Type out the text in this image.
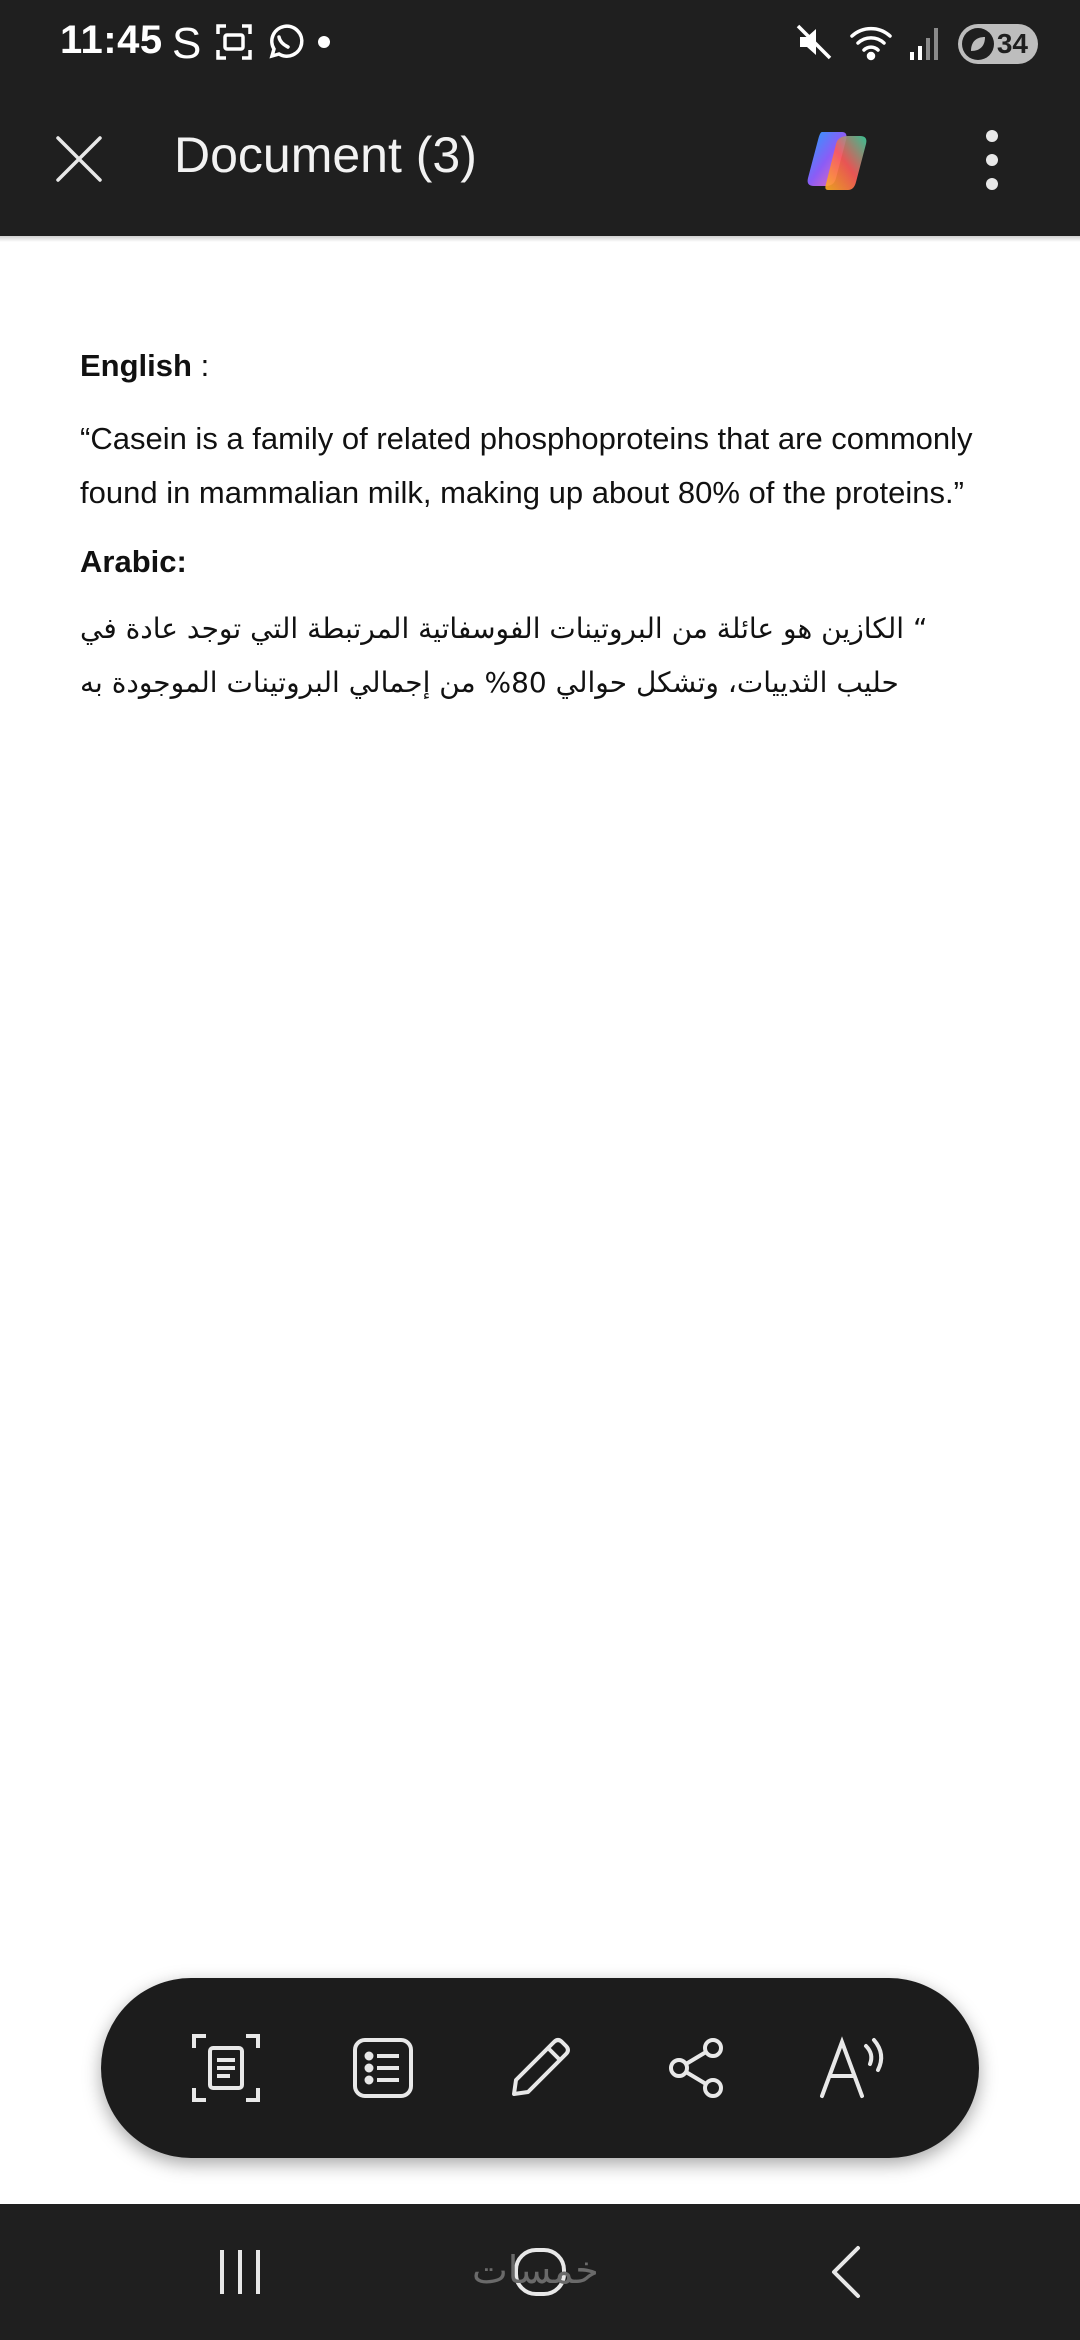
11:45 S	34
Document (3)
English :

“Casein is a family of related phosphoproteins that are commonly found in mammalian milk, making up about 80% of the proteins.”

Arabic:

“ الكازين هو عائلة من البروتينات الفوسفاتية المرتبطة التي توجد عادة في حليب الثدييات، وتشكل حوالي 80% من إجمالي البروتينات الموجودة به

خمسات
